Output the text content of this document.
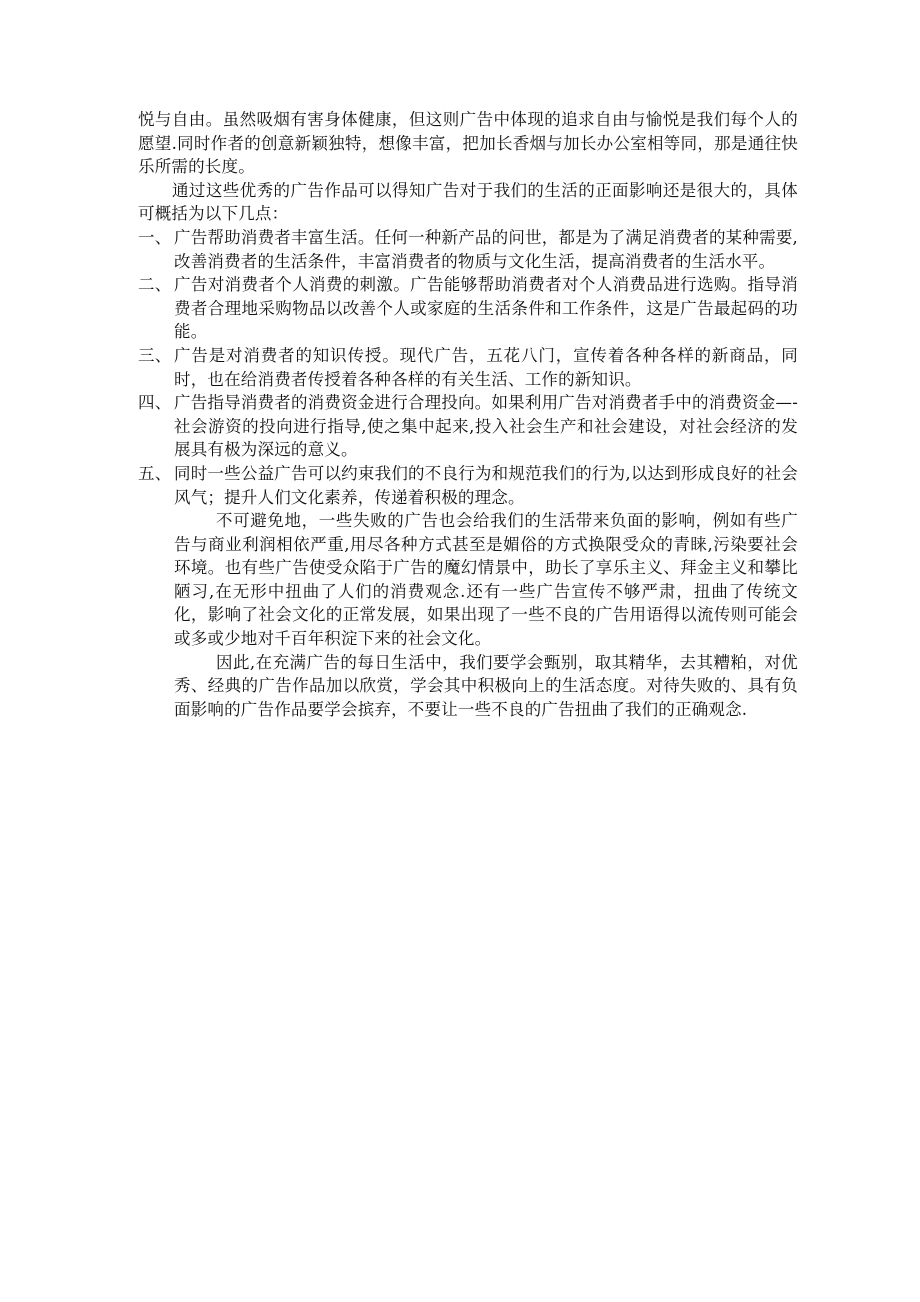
悦与自由。虽然吸烟有害身体健康，但这则广告中体现的追求自由与愉悦是我们每个人的愿望.同时作者的创意新颖独特，想像丰富，把加长香烟与加长办公室相等同，那是通往快乐所需的长度。

通过这些优秀的广告作品可以得知广告对于我们的生活的正面影响还是很大的，具体可概括为以下几点：

一、 广告帮助消费者丰富生活。任何一种新产品的问世，都是为了满足消费者的某种需要,改善消费者的生活条件，丰富消费者的物质与文化生活，提高消费者的生活水平。
二、 广告对消费者个人消费的刺激。广告能够帮助消费者对个人消费品进行选购。指导消费者合理地采购物品以改善个人或家庭的生活条件和工作条件，这是广告最起码的功能。
三、 广告是对消费者的知识传授。现代广告，五花八门，宣传着各种各样的新商品，同时，也在给消费者传授着各种各样的有关生活、工作的新知识。
四、 广告指导消费者的消费资金进行合理投向。如果利用广告对消费者手中的消费资金—-社会游资的投向进行指导,使之集中起来,投入社会生产和社会建设，对社会经济的发展具有极为深远的意义。
五、 同时一些公益广告可以约束我们的不良行为和规范我们的行为,以达到形成良好的社会风气；提升人们文化素养，传递着积极的理念。

不可避免地，一些失败的广告也会给我们的生活带来负面的影响，例如有些广告与商业利润相依严重,用尽各种方式甚至是媚俗的方式换限受众的青睐,污染要社会环境。也有些广告使受众陷于广告的魔幻情景中，助长了享乐主义、拜金主义和攀比陋习,在无形中扭曲了人们的消费观念.还有一些广告宣传不够严肃，扭曲了传统文化，影响了社会文化的正常发展，如果出现了一些不良的广告用语得以流传则可能会或多或少地对千百年积淀下来的社会文化。

因此,在充满广告的每日生活中，我们要学会甄别，取其精华，去其糟粕，对优秀、经典的广告作品加以欣赏，学会其中积极向上的生活态度。对待失败的、具有负面影响的广告作品要学会摈弃，不要让一些不良的广告扭曲了我们的正确观念.
